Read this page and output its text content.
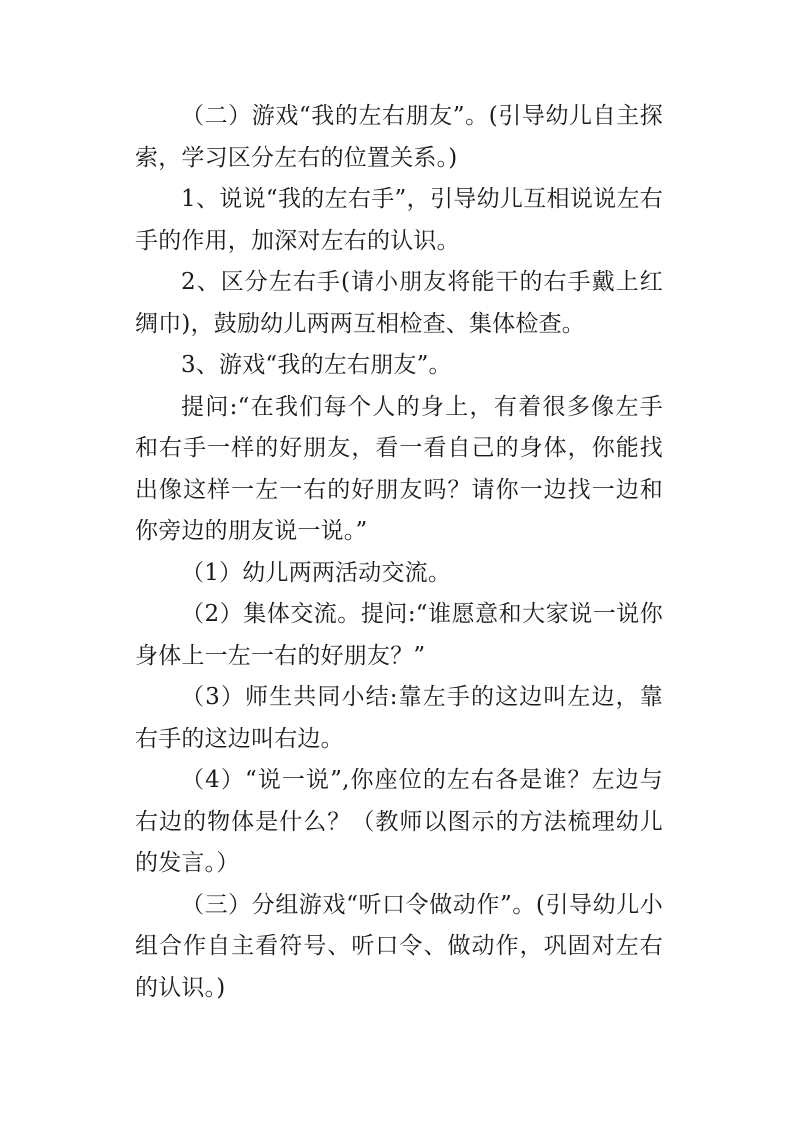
（二）游戏“我的左右朋友”。(引导幼儿自主探索，学习区分左右的位置关系。)

1、说说“我的左右手”，引导幼儿互相说说左右手的作用，加深对左右的认识。

2、区分左右手(请小朋友将能干的右手戴上红绸巾)，鼓励幼儿两两互相检查、集体检查。

3、游戏“我的左右朋友”。

提问:“在我们每个人的身上，有着很多像左手和右手一样的好朋友，看一看自己的身体，你能找出像这样一左一右的好朋友吗？请你一边找一边和你旁边的朋友说一说。”

（1）幼儿两两活动交流。

（2）集体交流。提问:“谁愿意和大家说一说你身体上一左一右的好朋友？”

（3）师生共同小结:靠左手的这边叫左边，靠右手的这边叫右边。

（4）“说一说”,你座位的左右各是谁？左边与右边的物体是什么？（教师以图示的方法梳理幼儿的发言。）

（三）分组游戏“听口令做动作”。(引导幼儿小组合作自主看符号、听口令、做动作，巩固对左右的认识。)
